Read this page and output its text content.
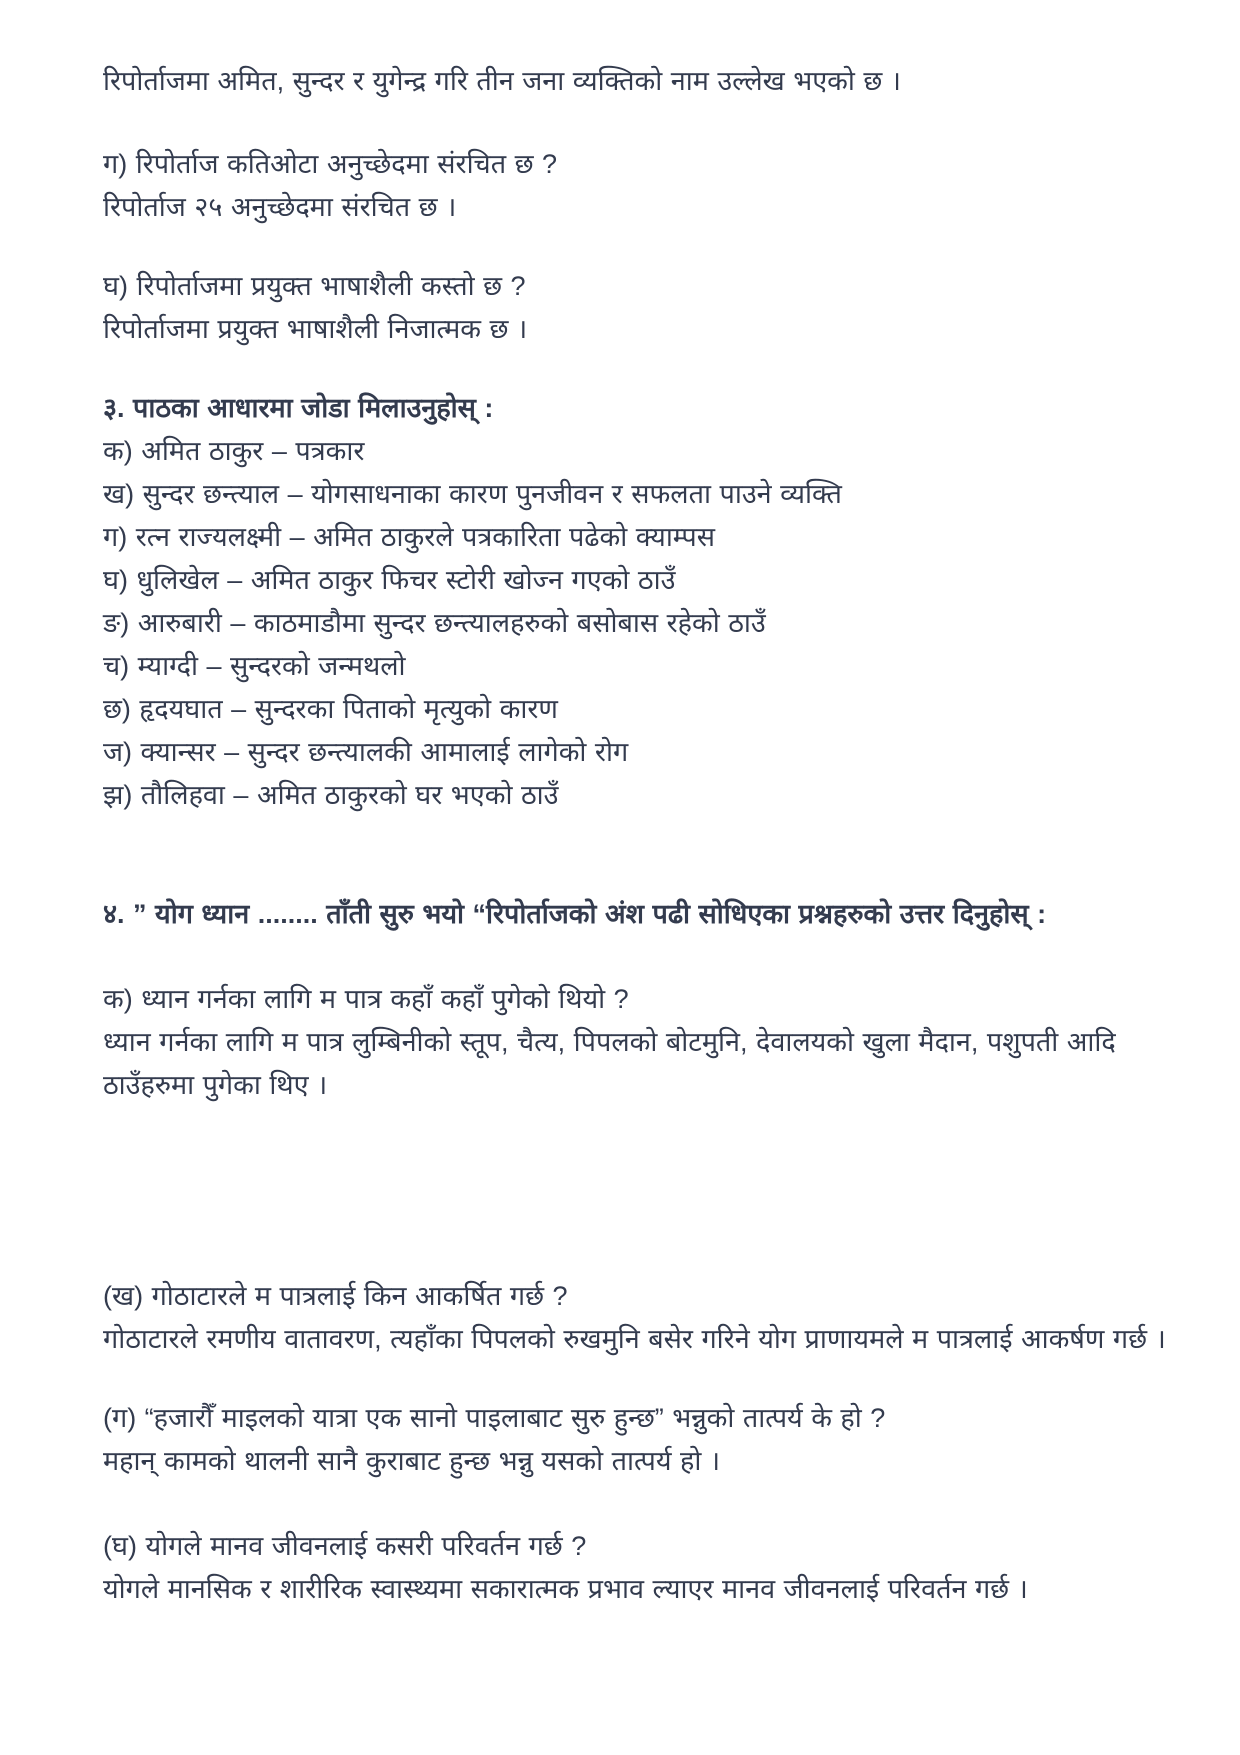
रिपोर्ताजमा अमित, सुन्दर र युगेन्द्र गरि तीन जना व्यक्तिको नाम उल्लेख भएको छ ।

ग) रिपोर्ताज कतिओटा अनुच्छेदमा संरचित छ ?

रिपोर्ताज २५ अनुच्छेदमा संरचित छ ।

घ) रिपोर्ताजमा प्रयुक्त भाषाशैली कस्तो छ ?

रिपोर्ताजमा प्रयुक्त भाषाशैली निजात्मक छ ।

३. पाठका आधारमा जोडा मिलाउनुहोस् :

क) अमित ठाकुर – पत्रकार

ख) सुन्दर छन्त्याल – योगसाधनाका कारण पुनजीवन र सफलता पाउने व्यक्ति

ग) रत्न राज्यलक्ष्मी – अमित ठाकुरले पत्रकारिता पढेको क्याम्पस

घ) धुलिखेल – अमित ठाकुर फिचर स्टोरी खोज्न गएको ठाउँ

ङ) आरुबारी – काठमाडौमा सुन्दर छन्त्यालहरुको बसोबास रहेको ठाउँ

च) म्याग्दी – सुन्दरको जन्मथलो

छ) हृदयघात – सुन्दरका पिताको मृत्युको कारण

ज) क्यान्सर – सुन्दर छन्त्यालकी आमालाई लागेको रोग

झ) तौलिहवा – अमित ठाकुरको घर भएको ठाउँ

४. ” योग ध्यान ........ ताँती सुरु भयो “रिपोर्ताजको अंश पढी सोधिएका प्रश्नहरुको उत्तर दिनुहोस् :

क) ध्यान गर्नका लागि म पात्र कहाँ कहाँ पुगेको थियो ?

ध्यान गर्नका लागि म पात्र लुम्बिनीको स्तूप, चैत्य, पिपलको बोटमुनि, देवालयको खुला मैदान, पशुपती आदि ठाउँहरुमा पुगेका थिए ।

(ख) गोठाटारले म पात्रलाई किन आकर्षित गर्छ ?

गोठाटारले रमणीय वातावरण, त्यहाँका पिपलको रुखमुनि बसेर गरिने योग प्राणायमले म पात्रलाई आकर्षण गर्छ ।

(ग) “हजारौँ माइलको यात्रा एक सानो पाइलाबाट सुरु हुन्छ” भन्नुको तात्पर्य के हो ?

महान् कामको थालनी सानै कुराबाट हुन्छ भन्नु यसको तात्पर्य हो ।

(घ) योगले मानव जीवनलाई कसरी परिवर्तन गर्छ ?

योगले मानसिक र शारीरिक स्वास्थ्यमा सकारात्मक प्रभाव ल्याएर मानव जीवनलाई परिवर्तन गर्छ ।
